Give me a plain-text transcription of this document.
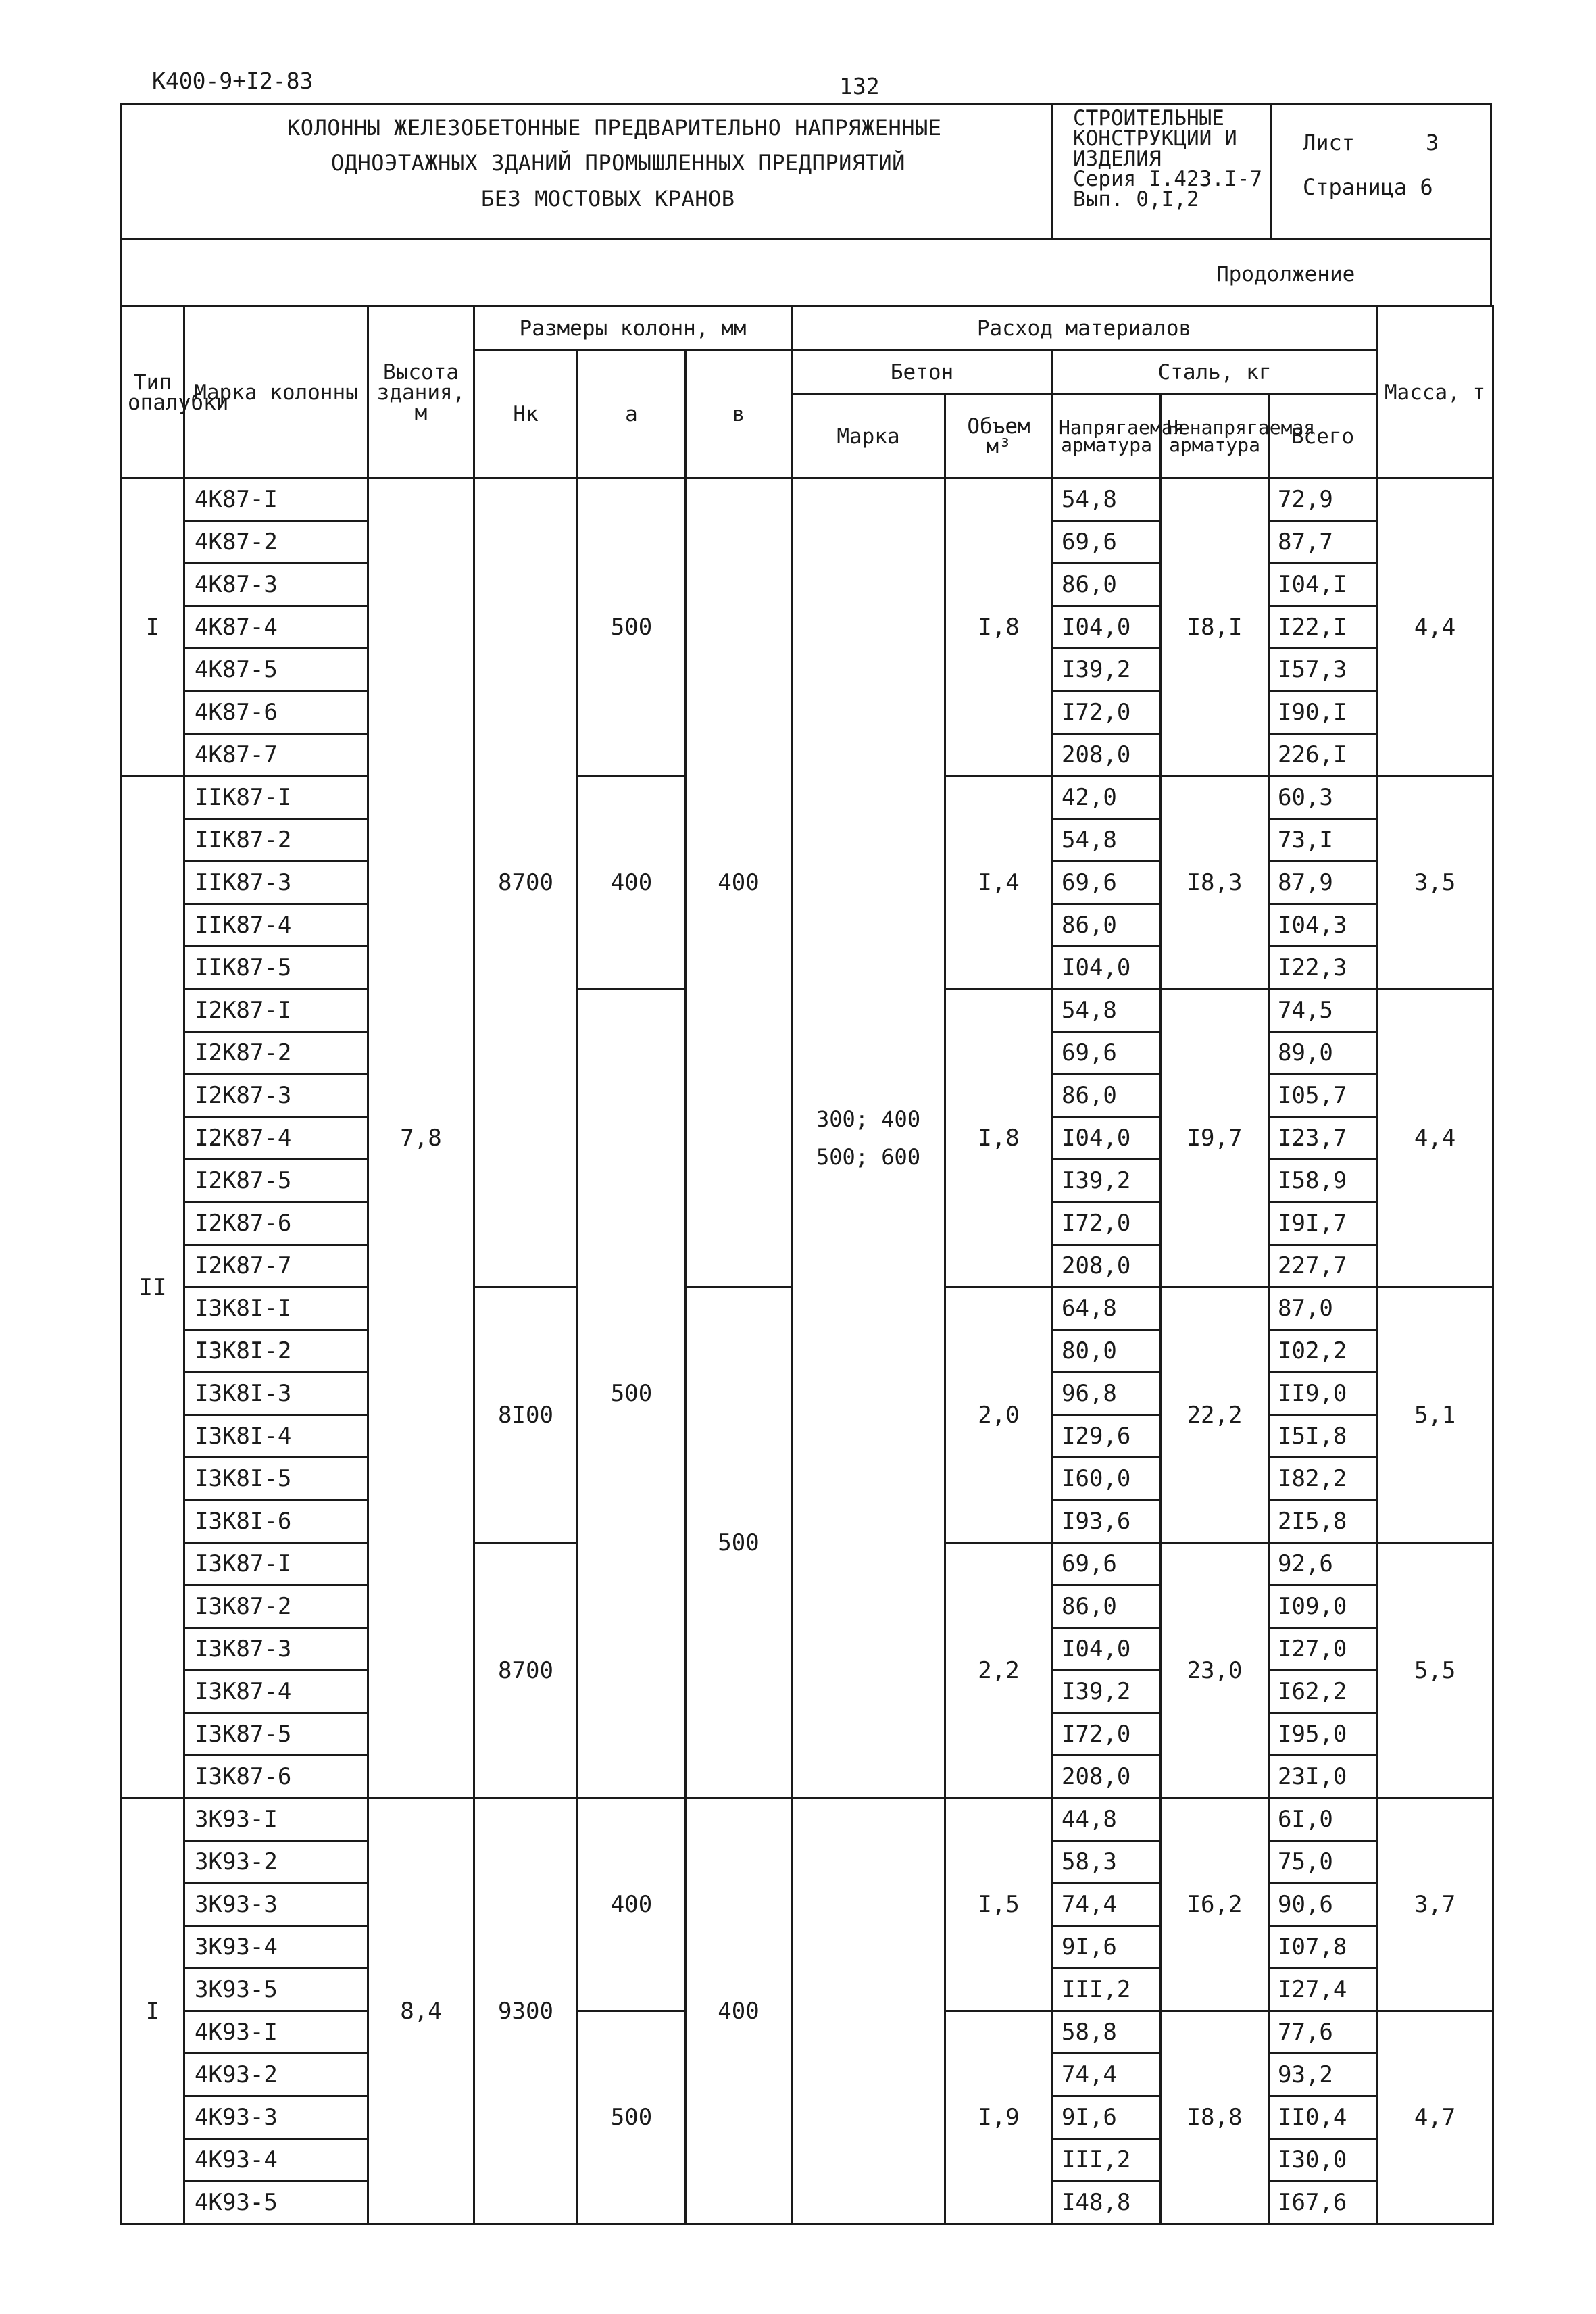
К400-9+I2-83	132
КОЛОННЫ ЖЕЛЕЗОБЕТОННЫЕ ПРЕДВАРИТЕЛЬНО НАПРЯЖЕННЫЕ
ОДНОЭТАЖНЫХ ЗДАНИЙ ПРОМЫШЛЕННЫХ ПРЕДПРИЯТИЙ
БЕЗ МОСТОВЫХ КРАНОВ
СТРОИТЕЛЬНЫЕ
КОНСТРУКЦИИ И
ИЗДЕЛИЯ
Серия I.423.I-7
Вып. 0,I,2
Лист	3
Страница 6
Продолжение
Тип опалубки	Марка колонны	Высота здания, м	Размеры колонн, мм			Расход материалов					Масса, т
			Нк	а	в	Бетон		Сталь, кг			
						Марка	Объем м³	Напрягаемая арматура	Ненапрягаемая арматура	Всего	

I	4К87-I	7,8	8700	500	400	300; 400 500; 600	I,8	54,8	I8,I	72,9	4,4
	4К87-2							69,6		87,7	
	4К87-3							86,0		I04,I	
	4К87-4							I04,0		I22,I	
	4К87-5							I39,2		I57,3	
	4К87-6							I72,0		I90,I	
	4К87-7							208,0		226,I	
II	IIК87-I			400			I,4	42,0	I8,3	60,3	3,5
	IIК87-2							54,8		73,I	
	IIК87-3							69,6		87,9	
	IIК87-4							86,0		I04,3	
	IIК87-5							I04,0		I22,3	
	I2К87-I			500			I,8	54,8	I9,7	74,5	4,4
	I2К87-2							69,6		89,0	
	I2К87-3							86,0		I05,7	
	I2К87-4							I04,0		I23,7	
	I2К87-5							I39,2		I58,9	
	I2К87-6							I72,0		I9I,7	
	I2К87-7							208,0		227,7	
	I3К8I-I		8I00		500		2,0	64,8	22,2	87,0	5,1
	I3К8I-2							80,0		I02,2	
	I3К8I-3							96,8		II9,0	
	I3К8I-4							I29,6		I5I,8	
	I3К8I-5							I60,0		I82,2	
	I3К8I-6							I93,6		2I5,8	
	I3К87-I		8700				2,2	69,6	23,0	92,6	5,5
	I3К87-2							86,0		I09,0	
	I3К87-3							I04,0		I27,0	
	I3К87-4							I39,2		I62,2	
	I3К87-5							I72,0		I95,0	
	I3К87-6							208,0		23I,0	
I	3К93-I	8,4	9300	400	400		I,5	44,8	I6,2	6I,0	3,7
	3К93-2							58,3		75,0	
	3К93-3							74,4		90,6	
	3К93-4							9I,6		I07,8	
	3К93-5							III,2		I27,4	
	4К93-I			500			I,9	58,8	I8,8	77,6	4,7
	4К93-2							74,4		93,2	
	4К93-3							9I,6		II0,4	
	4К93-4							III,2		I30,0	
	4К93-5							I48,8		I67,6	
